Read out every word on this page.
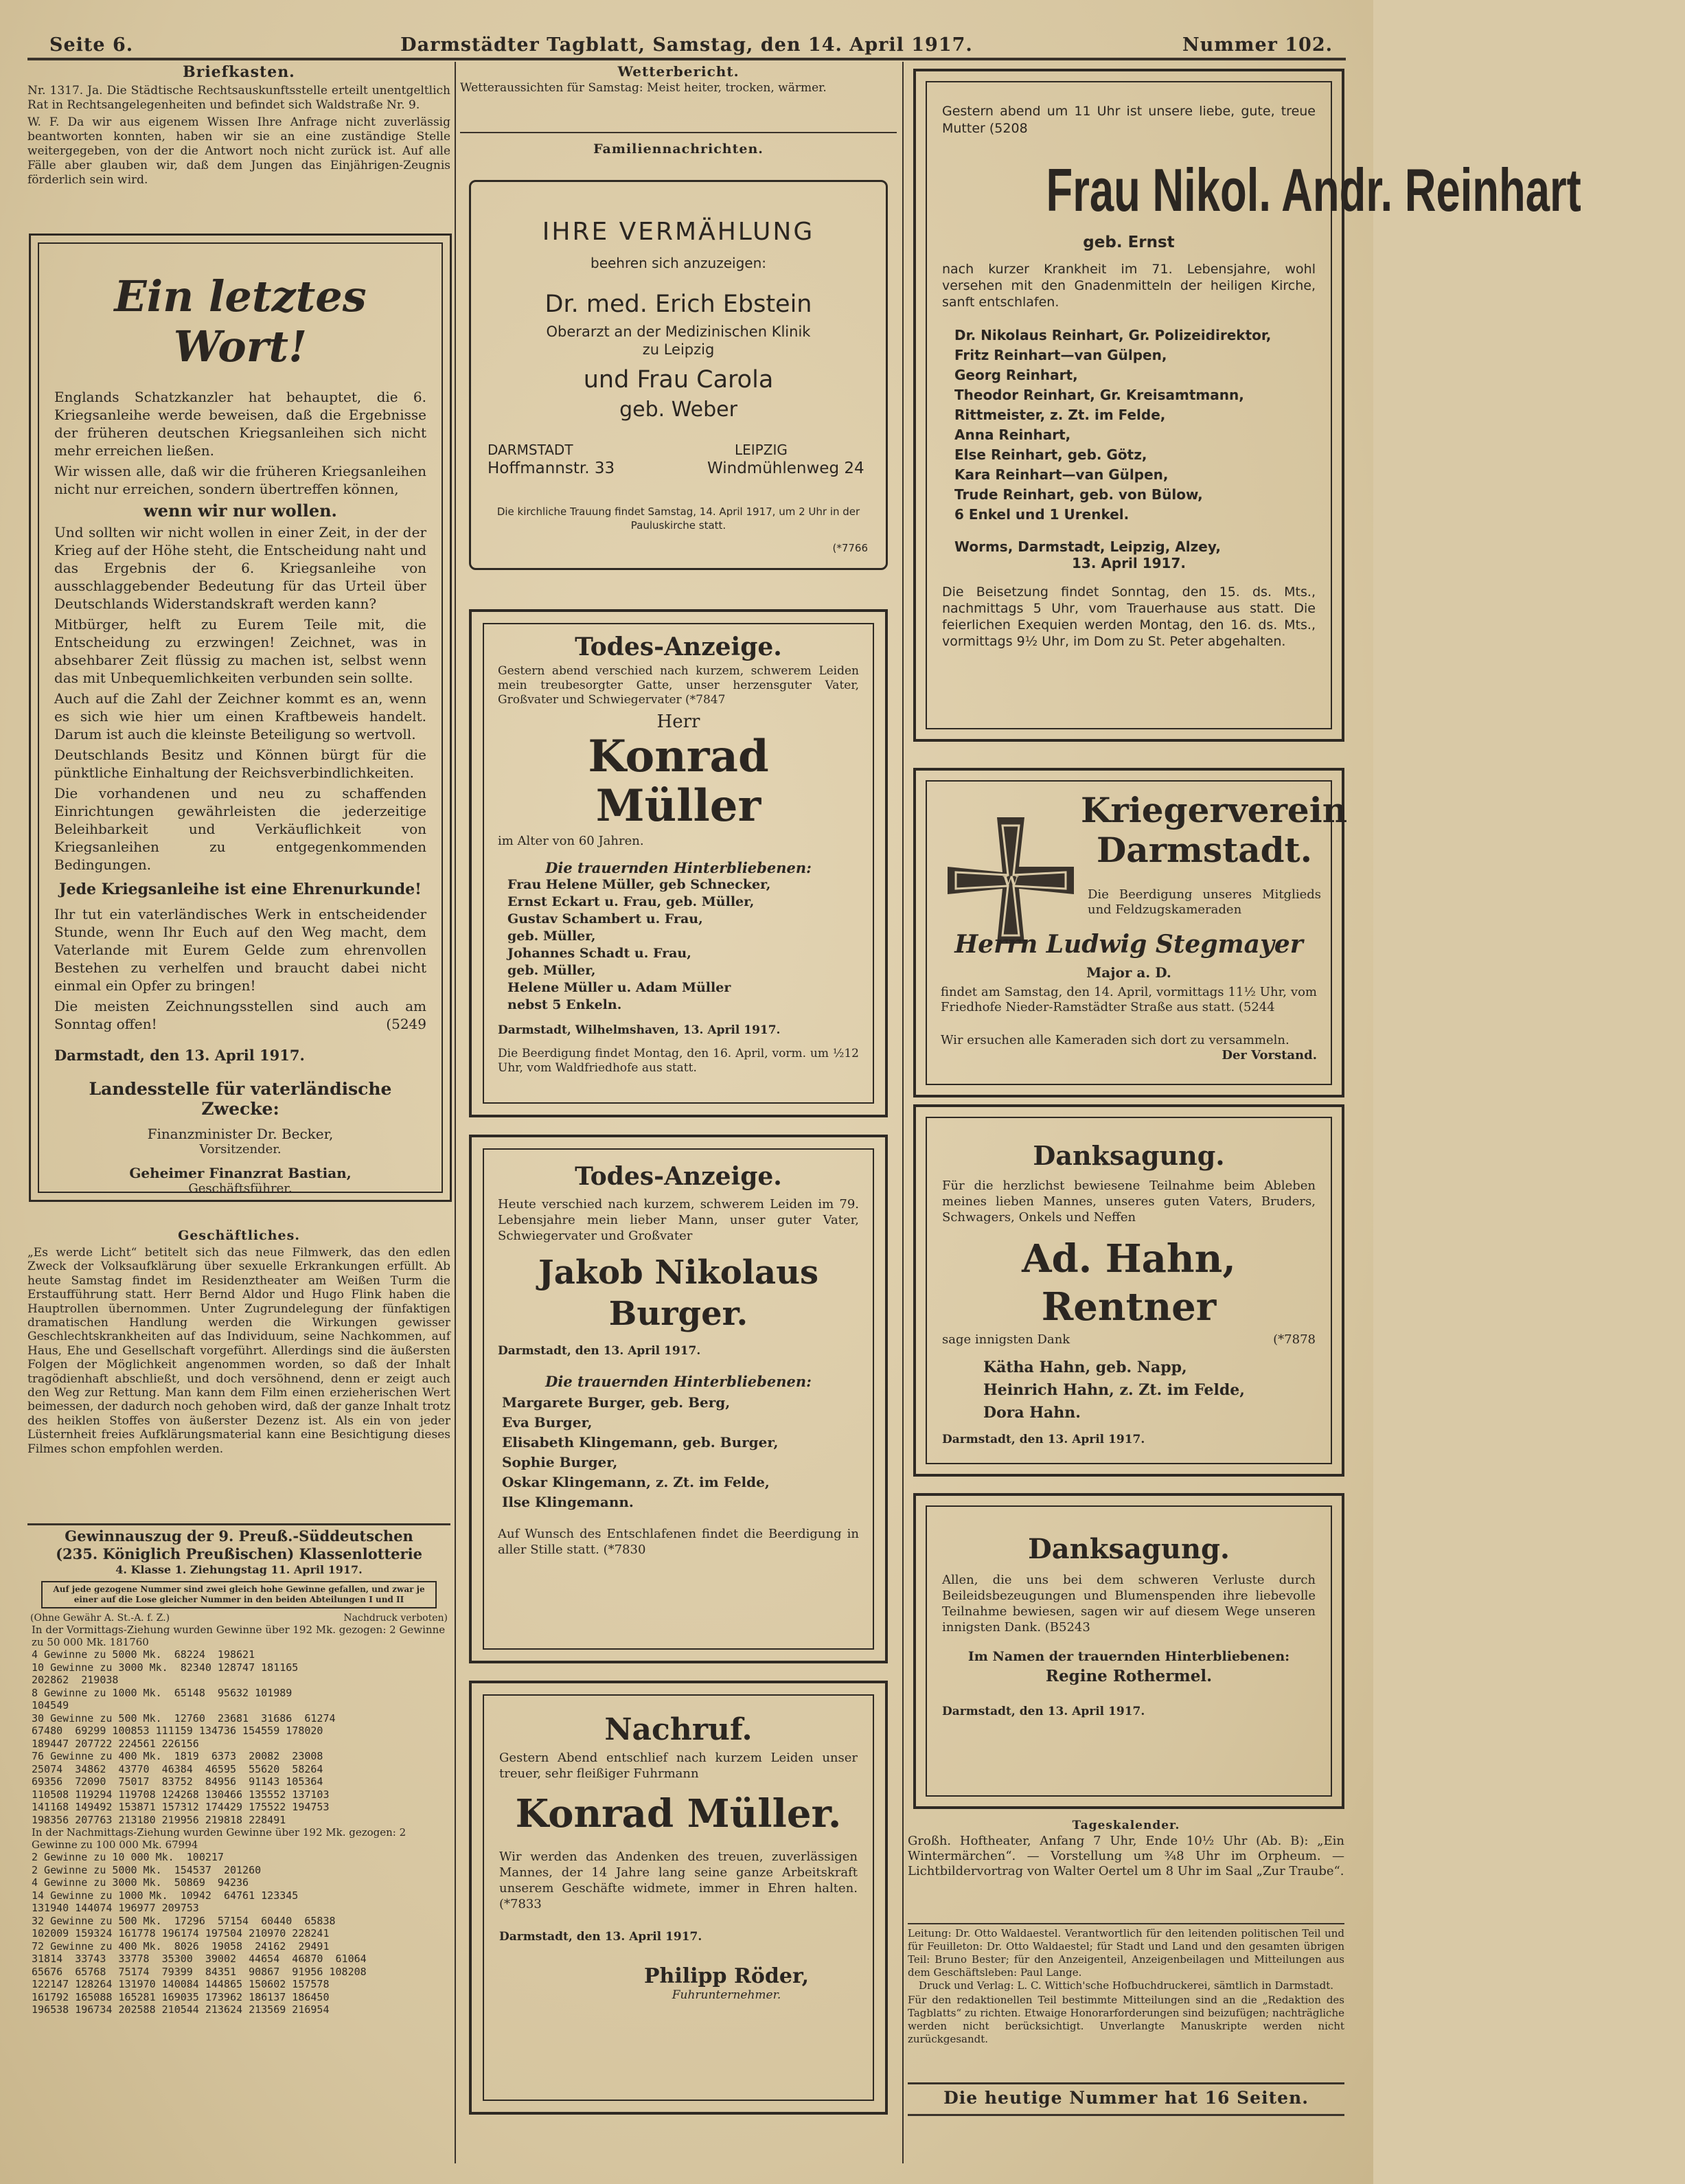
Seite 6.	Darmstädter Tagblatt, Samstag, den 14. April 1917.	Nummer 102.
Briefkasten.

Nr. 1317. Ja. Die Städtische Rechtsauskunftsstelle erteilt unentgeltlich Rat in Rechtsangelegenheiten und befindet sich Waldstraße Nr. 9.

W. F. Da wir aus eigenem Wissen Ihre Anfrage nicht zuverlässig beantworten konnten, haben wir sie an eine zuständige Stelle weitergegeben, von der die Antwort noch nicht zurück ist. Auf alle Fälle aber glauben wir, daß dem Jungen das Einjährigen-Zeugnis förderlich sein wird.

Ein letztes Wort!

Englands Schatzkanzler hat behauptet, die 6. Kriegsanleihe werde beweisen, daß die Ergebnisse der früheren deutschen Kriegsanleihen sich nicht mehr erreichen ließen.

Wir wissen alle, daß wir die früheren Kriegsanleihen nicht nur erreichen, sondern übertreffen können,

wenn wir nur wollen.

Und sollten wir nicht wollen in einer Zeit, in der der Krieg auf der Höhe steht, die Entscheidung naht und das Ergebnis der 6. Kriegsanleihe von ausschlaggebender Bedeutung für das Urteil über Deutschlands Widerstandskraft werden kann?

Mitbürger, helft zu Eurem Teile mit, die Entscheidung zu erzwingen! Zeichnet, was in absehbarer Zeit flüssig zu machen ist, selbst wenn das mit Unbequemlichkeiten verbunden sein sollte.

Auch auf die Zahl der Zeichner kommt es an, wenn es sich wie hier um einen Kraftbeweis handelt. Darum ist auch die kleinste Beteiligung so wertvoll.

Deutschlands Besitz und Können bürgt für die pünktliche Einhaltung der Reichsverbindlichkeiten.

Die vorhandenen und neu zu schaffenden Einrichtungen gewährleisten die jederzeitige Beleihbarkeit und Verkäuflichkeit von Kriegsanleihen zu entgegenkommenden Bedingungen.

Jede Kriegsanleihe ist eine Ehrenurkunde!

Ihr tut ein vaterländisches Werk in entscheidender Stunde, wenn Ihr Euch auf den Weg macht, dem Vaterlande mit Eurem Gelde zum ehrenvollen Bestehen zu verhelfen und braucht dabei nicht einmal ein Opfer zu bringen!

Die meisten Zeichnungsstellen sind auch am Sonntag offen!	(5249

Darmstadt, den 13. April 1917.

Landesstelle für vaterländische Zwecke:

Finanzminister Dr. Becker,

Vorsitzender.

Geheimer Finanzrat Bastian,

Geschäftsführer.

Geschäftliches.

„Es werde Licht“ betitelt sich das neue Filmwerk, das den edlen Zweck der Volksaufklärung über sexuelle Erkrankungen erfüllt. Ab heute Samstag findet im Residenztheater am Weißen Turm die Erstaufführung statt. Herr Bernd Aldor und Hugo Flink haben die Hauptrollen übernommen. Unter Zugrundelegung der fünfaktigen dramatischen Handlung werden die Wirkungen gewisser Geschlechtskrankheiten auf das Individuum, seine Nachkommen, auf Haus, Ehe und Gesellschaft vorgeführt. Allerdings sind die äußersten Folgen der Möglichkeit angenommen worden, so daß der Inhalt tragödienhaft abschließt, und doch versöhnend, denn er zeigt auch den Weg zur Rettung. Man kann dem Film einen erzieherischen Wert beimessen, der dadurch noch gehoben wird, daß der ganze Inhalt trotz des heiklen Stoffes von äußerster Dezenz ist. Als ein von jeder Lüsternheit freies Aufklärungsmaterial kann eine Besichtigung dieses Filmes schon empfohlen werden.

Gewinnauszug der 9. Preuß.-Süddeutschen
(235. Königlich Preußischen) Klassenlotterie
4. Klasse 1. Ziehungstag 11. April 1917.
Auf jede gezogene Nummer sind zwei gleich hohe Gewinne gefallen, und zwar je einer auf die Lose gleicher Nummer in den beiden Abteilungen I und II
(Ohne Gewähr A. St.-A. f. Z.)	Nachdruck verboten)
In der Vormittags-Ziehung wurden Gewinne über 192 Mk. gezogen: 2 Gewinne zu 50 000 Mk. 181760
4 Gewinne zu 5000 Mk.  68224  198621
10 Gewinne zu 3000 Mk.  82340 128747 181165
202862  219038
8 Gewinne zu 1000 Mk.  65148  95632 101989
104549
30 Gewinne zu 500 Mk.  12760  23681  31686  61274
67480  69299 100853 111159 134736 154559 178020
189447 207722 224561 226156
76 Gewinne zu 400 Mk.  1819  6373  20082  23008
25074  34862  43770  46384  46595  55620  58264
69356  72090  75017  83752  84956  91143 105364
110508 119294 119708 124268 130466 135552 137103
141168 149492 153871 157312 174429 175522 194753
198356 207763 213180 219956 219818 228491
In der Nachmittags-Ziehung wurden Gewinne über 192 Mk. gezogen: 2 Gewinne zu 100 000 Mk. 67994
2 Gewinne zu 10 000 Mk.  100217
2 Gewinne zu 5000 Mk.  154537  201260
4 Gewinne zu 3000 Mk.  50869  94236
14 Gewinne zu 1000 Mk.  10942  64761 123345
131940 144074 196977 209753
32 Gewinne zu 500 Mk.  17296  57154  60440  65838
102009 159324 161778 196174 197504 210970 228241
72 Gewinne zu 400 Mk.  8026  19058  24162  29491
31814  33743  33778  35300  39002  44654  46870  61064
65676  65768  75174  79399  84351  90867  91956 108208
122147 128264 131970 140084 144865 150602 157578
161792 165088 165281 169035 173962 186137 186450
196538 196734 202588 210544 213624 213569 216954
Wetterbericht.

Wetteraussichten für Samstag: Meist heiter, trocken, wärmer.

Familiennachrichten.
IHRE VERMÄHLUNG
beehren sich anzuzeigen:
Dr. med. Erich Ebstein
Oberarzt an der Medizinischen Klinik
zu Leipzig
und Frau Carola
geb. Weber
DARMSTADT
Hoffmannstr. 33
LEIPZIG
Windmühlenweg 24
Die kirchliche Trauung findet Samstag, 14. April 1917, um 2 Uhr in der Pauluskirche statt.
(*7766
Todes-Anzeige.

Gestern abend verschied nach kurzem, schwerem Leiden mein treubesorgter Gatte, unser herzensguter Vater, Großvater und Schwiegervater (*7847

Herr
Konrad Müller
im Alter von 60 Jahren.
Die trauernden Hinterbliebenen:
Frau Helene Müller, geb Schnecker,
Ernst Eckart u. Frau, geb. Müller,
Gustav Schambert u. Frau,
geb. Müller,
Johannes Schadt u. Frau,
geb. Müller,
Helene Müller u. Adam Müller
nebst 5 Enkeln.
Darmstadt, Wilhelmshaven, 13. April 1917.

Die Beerdigung findet Montag, den 16. April, vorm. um ½12 Uhr, vom Waldfriedhofe aus statt.

Todes-Anzeige.

Heute verschied nach kurzem, schwerem Leiden im 79. Lebensjahre mein lieber Mann, unser guter Vater, Schwiegervater und Großvater

Jakob Nikolaus Burger.
Darmstadt, den 13. April 1917.
Die trauernden Hinterbliebenen:
Margarete Burger, geb. Berg,
Eva Burger,
Elisabeth Klingemann, geb. Burger,
Sophie Burger,
Oskar Klingemann, z. Zt. im Felde,
Ilse Klingemann.

Auf Wunsch des Entschlafenen findet die Beerdigung in aller Stille statt. (*7830

Nachruf.

Gestern Abend entschlief nach kurzem Leiden unser treuer, sehr fleißiger Fuhrmann

Konrad Müller.

Wir werden das Andenken des treuen, zuverlässigen Mannes, der 14 Jahre lang seine ganze Arbeitskraft unserem Geschäfte widmete, immer in Ehren halten. (*7833

Darmstadt, den 13. April 1917.
Philipp Röder,
Fuhrunternehmer.

Gestern abend um 11 Uhr ist unsere liebe, gute, treue Mutter (5208

Frau Nikol. Andr. Reinhart
geb. Ernst

nach kurzer Krankheit im 71. Lebensjahre, wohl versehen mit den Gnadenmitteln der heiligen Kirche, sanft entschlafen.

Dr. Nikolaus Reinhart, Gr. Polizeidirektor,
Fritz Reinhart—van Gülpen,
Georg Reinhart,
Theodor Reinhart, Gr. Kreisamtmann, Rittmeister, z. Zt. im Felde,
Anna Reinhart,
Else Reinhart, geb. Götz,
Kara Reinhart—van Gülpen,
Trude Reinhart, geb. von Bülow,
6 Enkel und 1 Urenkel.
Worms, Darmstadt, Leipzig, Alzey,
13. April 1917.

Die Beisetzung findet Sonntag, den 15. ds. Mts., nachmittags 5 Uhr, vom Trauerhause aus statt. Die feierlichen Exequien werden Montag, den 16. ds. Mts., vormittags 9½ Uhr, im Dom zu St. Peter abgehalten.

W
Kriegerverein
Darmstadt.
Die Beerdigung unseres Mitglieds und Feldzugskameraden
Herrn Ludwig Stegmayer
Major a. D.
findet am Samstag, den 14. April, vormittags 11½ Uhr, vom Friedhofe Nieder-Ramstädter Straße aus statt. (5244
Wir ersuchen alle Kameraden sich dort zu versammeln.
Der Vorstand.
Danksagung.

Für die herzlichst bewiesene Teilnahme beim Ableben meines lieben Mannes, unseres guten Vaters, Bruders, Schwagers, Onkels und Neffen

Ad. Hahn, Rentner
sage innigsten Dank	(*7878
Kätha Hahn, geb. Napp,
Heinrich Hahn, z. Zt. im Felde,
Dora Hahn.
Darmstadt, den 13. April 1917.
Danksagung.

Allen, die uns bei dem schweren Verluste durch Beileidsbezeugungen und Blumenspenden ihre liebevolle Teilnahme bewiesen, sagen wir auf diesem Wege unseren innigsten Dank. (B5243

Im Namen der trauernden Hinterbliebenen:
Regine Rothermel.
Darmstadt, den 13. April 1917.
Tageskalender.

Großh. Hoftheater, Anfang 7 Uhr, Ende 10½ Uhr (Ab. B): „Ein Wintermärchen“. — Vorstellung um ¾8 Uhr im Orpheum. — Lichtbildervortrag von Walter Oertel um 8 Uhr im Saal „Zur Traube“.

Leitung: Dr. Otto Waldaestel. Verantwortlich für den leitenden politischen Teil und für Feuilleton: Dr. Otto Waldaestel; für Stadt und Land und den gesamten übrigen Teil: Bruno Bester; für den Anzeigenteil, Anzeigenbeilagen und Mitteilungen aus dem Geschäftsleben: Paul Lange.

Druck und Verlag: L. C. Wittich'sche Hofbuchdruckerei, sämtlich in Darmstadt.

Für den redaktionellen Teil bestimmte Mitteilungen sind an die „Redaktion des Tagblatts“ zu richten. Etwaige Honorarforderungen sind beizufügen; nachträgliche werden nicht berücksichtigt. Unverlangte Manuskripte werden nicht zurückgesandt.

Die heutige Nummer hat 16 Seiten.
